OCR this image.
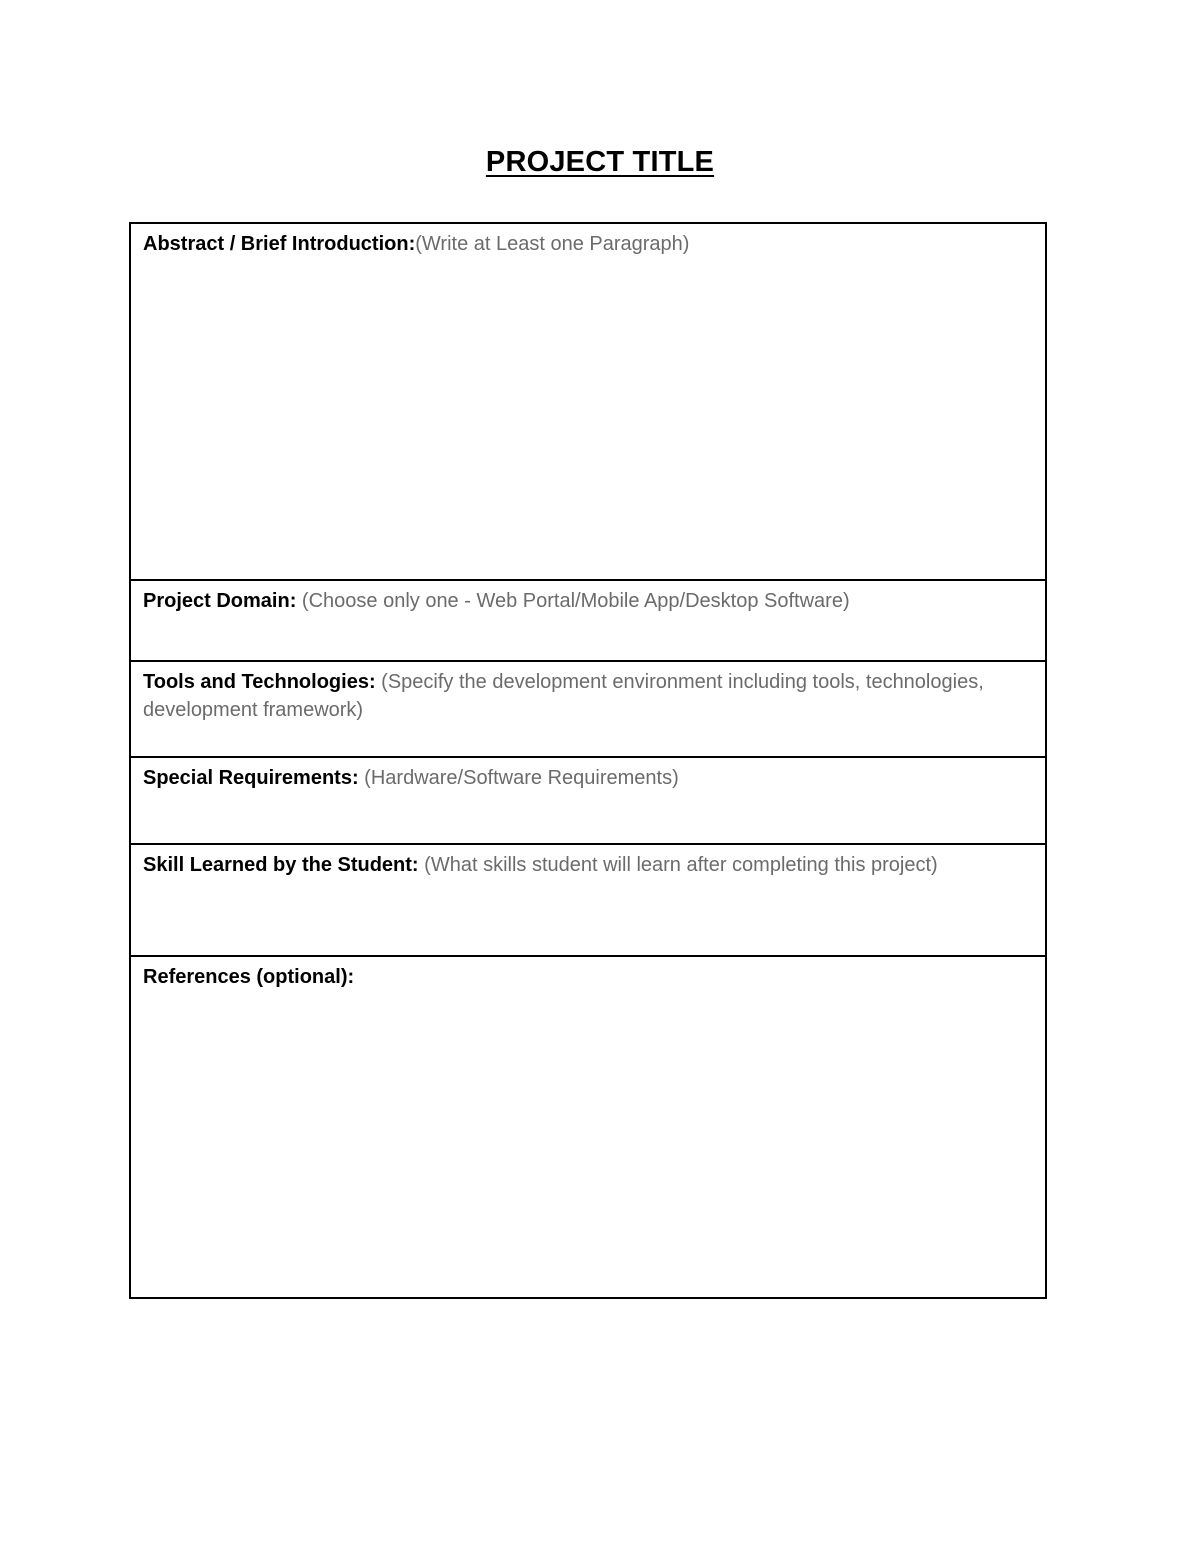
PROJECT TITLE
Abstract / Brief Introduction:(Write at Least one Paragraph)
Project Domain: (Choose only one - Web Portal/Mobile App/Desktop Software)
Tools and Technologies: (Specify the development environment including tools, technologies, development framework)
Special Requirements: (Hardware/Software Requirements)
Skill Learned by the Student: (What skills student will learn after completing this project)
References (optional):
